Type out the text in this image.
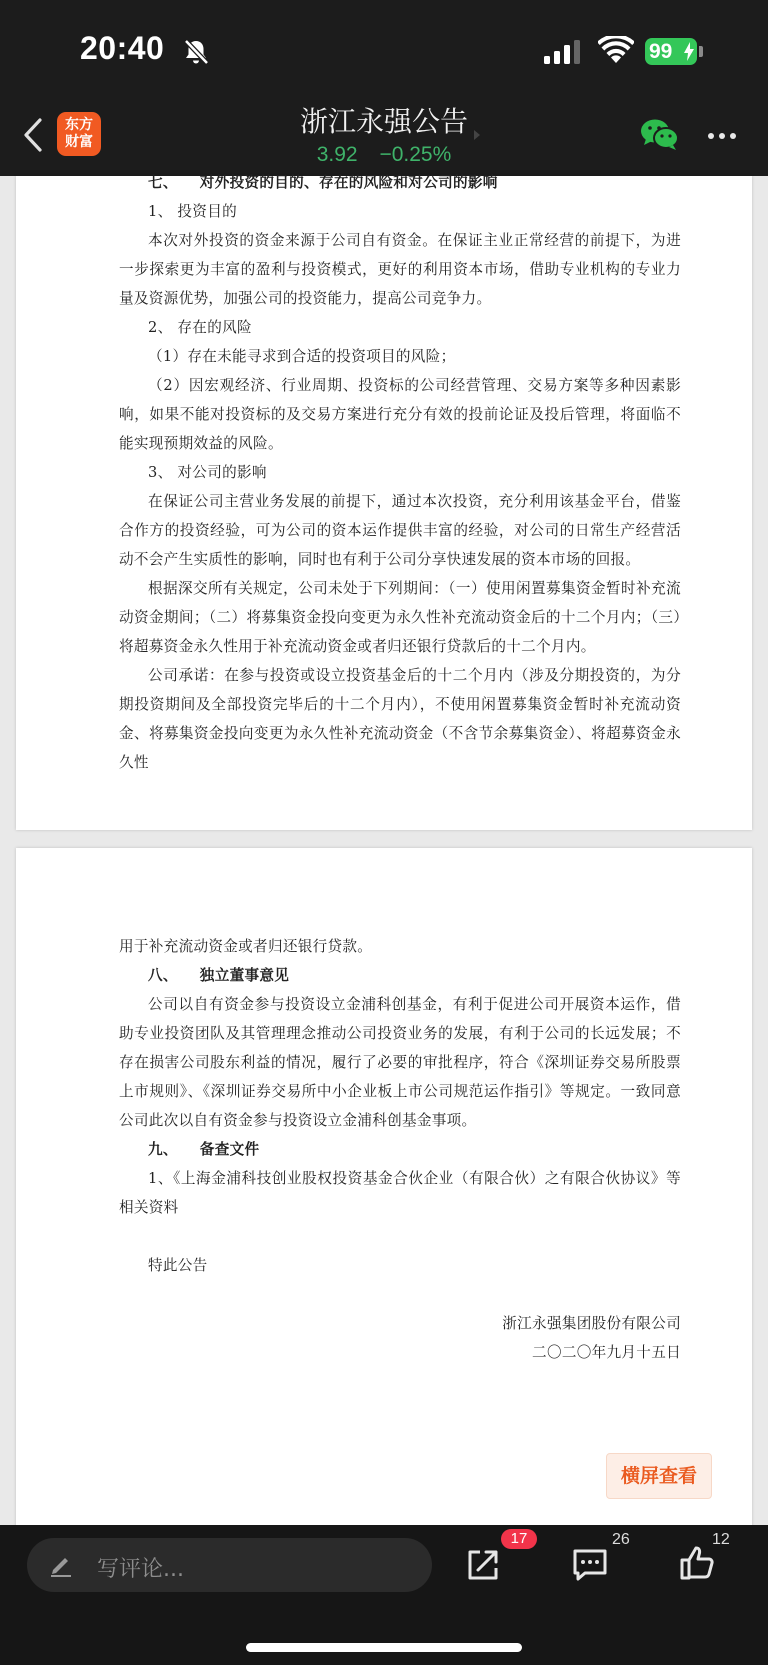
20:40	99
东方
财富
浙江永强公告
3.92 −0.25%

七、 对外投资的目的、存在的风险和对公司的影响

1、 投资目的

本次对外投资的资金来源于公司自有资金。在保证主业正常经营的前提下，为进一步探索更为丰富的盈利与投资模式，更好的利用资本市场，借助专业机构的专业力量及资源优势，加强公司的投资能力，提高公司竞争力。

2、 存在的风险

（1）存在未能寻求到合适的投资项目的风险；

（2）因宏观经济、行业周期、投资标的公司经营管理、交易方案等多种因素影响，如果不能对投资标的及交易方案进行充分有效的投前论证及投后管理，将面临不能实现预期效益的风险。

3、 对公司的影响

在保证公司主营业务发展的前提下，通过本次投资，充分利用该基金平台，借鉴合作方的投资经验，可为公司的资本运作提供丰富的经验，对公司的日常生产经营活动不会产生实质性的影响，同时也有利于公司分享快速发展的资本市场的回报。

根据深交所有关规定，公司未处于下列期间：（一）使用闲置募集资金暂时补充流动资金期间；（二）将募集资金投向变更为永久性补充流动资金后的十二个月内；（三）将超募资金永久性用于补充流动资金或者归还银行贷款后的十二个月内。

公司承诺：在参与投资或设立投资基金后的十二个月内（涉及分期投资的，为分期投资期间及全部投资完毕后的十二个月内），不使用闲置募集资金暂时补充流动资金、将募集资金投向变更为永久性补充流动资金（不含节余募集资金）、将超募资金永久性

用于补充流动资金或者归还银行贷款。

八、 独立董事意见

公司以自有资金参与投资设立金浦科创基金，有利于促进公司开展资本运作，借助专业投资团队及其管理理念推动公司投资业务的发展，有利于公司的长远发展；不存在损害公司股东利益的情况，履行了必要的审批程序，符合《深圳证券交易所股票上市规则》、《深圳证券交易所中小企业板上市公司规范运作指引》等规定。一致同意公司此次以自有资金参与投资设立金浦科创基金事项。

九、 备查文件

1、《上海金浦科技创业股权投资基金合伙企业（有限合伙）之有限合伙协议》等相关资料

特此公告

浙江永强集团股份有限公司

二〇二〇年九月十五日

横屏查看
写评论...
17	26	12
